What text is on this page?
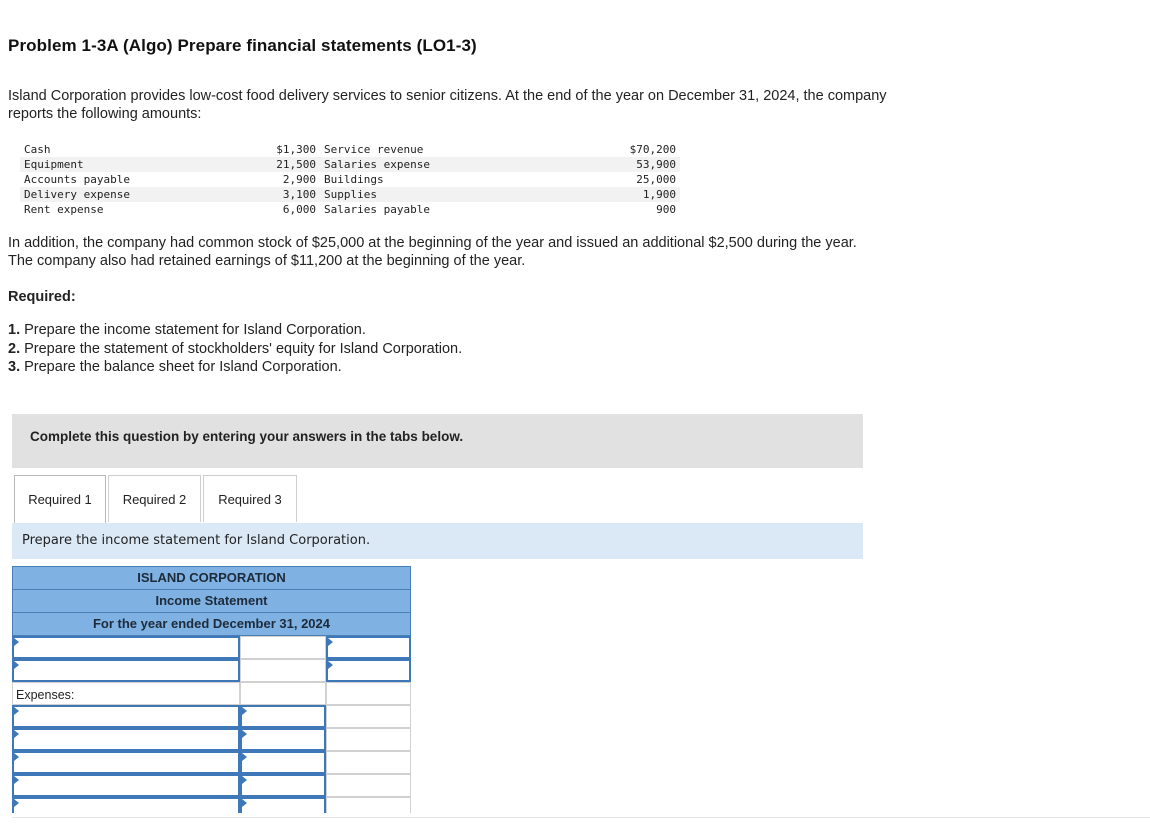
Problem 1-3A (Algo) Prepare financial statements (LO1-3)
Island Corporation provides low-cost food delivery services to senior citizens. At the end of the year on December 31, 2024, the company reports the following amounts:
Cash	$1,300	Service revenue	$70,200
Equipment	21,500	Salaries expense	53,900
Accounts payable	2,900	Buildings	25,000
Delivery expense	3,100	Supplies	1,900
Rent expense	6,000	Salaries payable	900
In addition, the company had common stock of $25,000 at the beginning of the year and issued an additional $2,500 during the year.
The company also had retained earnings of $11,200 at the beginning of the year.
Required:
1. Prepare the income statement for Island Corporation.
2. Prepare the statement of stockholders' equity for Island Corporation.
3. Prepare the balance sheet for Island Corporation.
Complete this question by entering your answers in the tabs below.
Required 1	Required 2	Required 3
Prepare the income statement for Island Corporation.
ISLAND CORPORATION
Income Statement
For the year ended December 31, 2024
Expenses:
